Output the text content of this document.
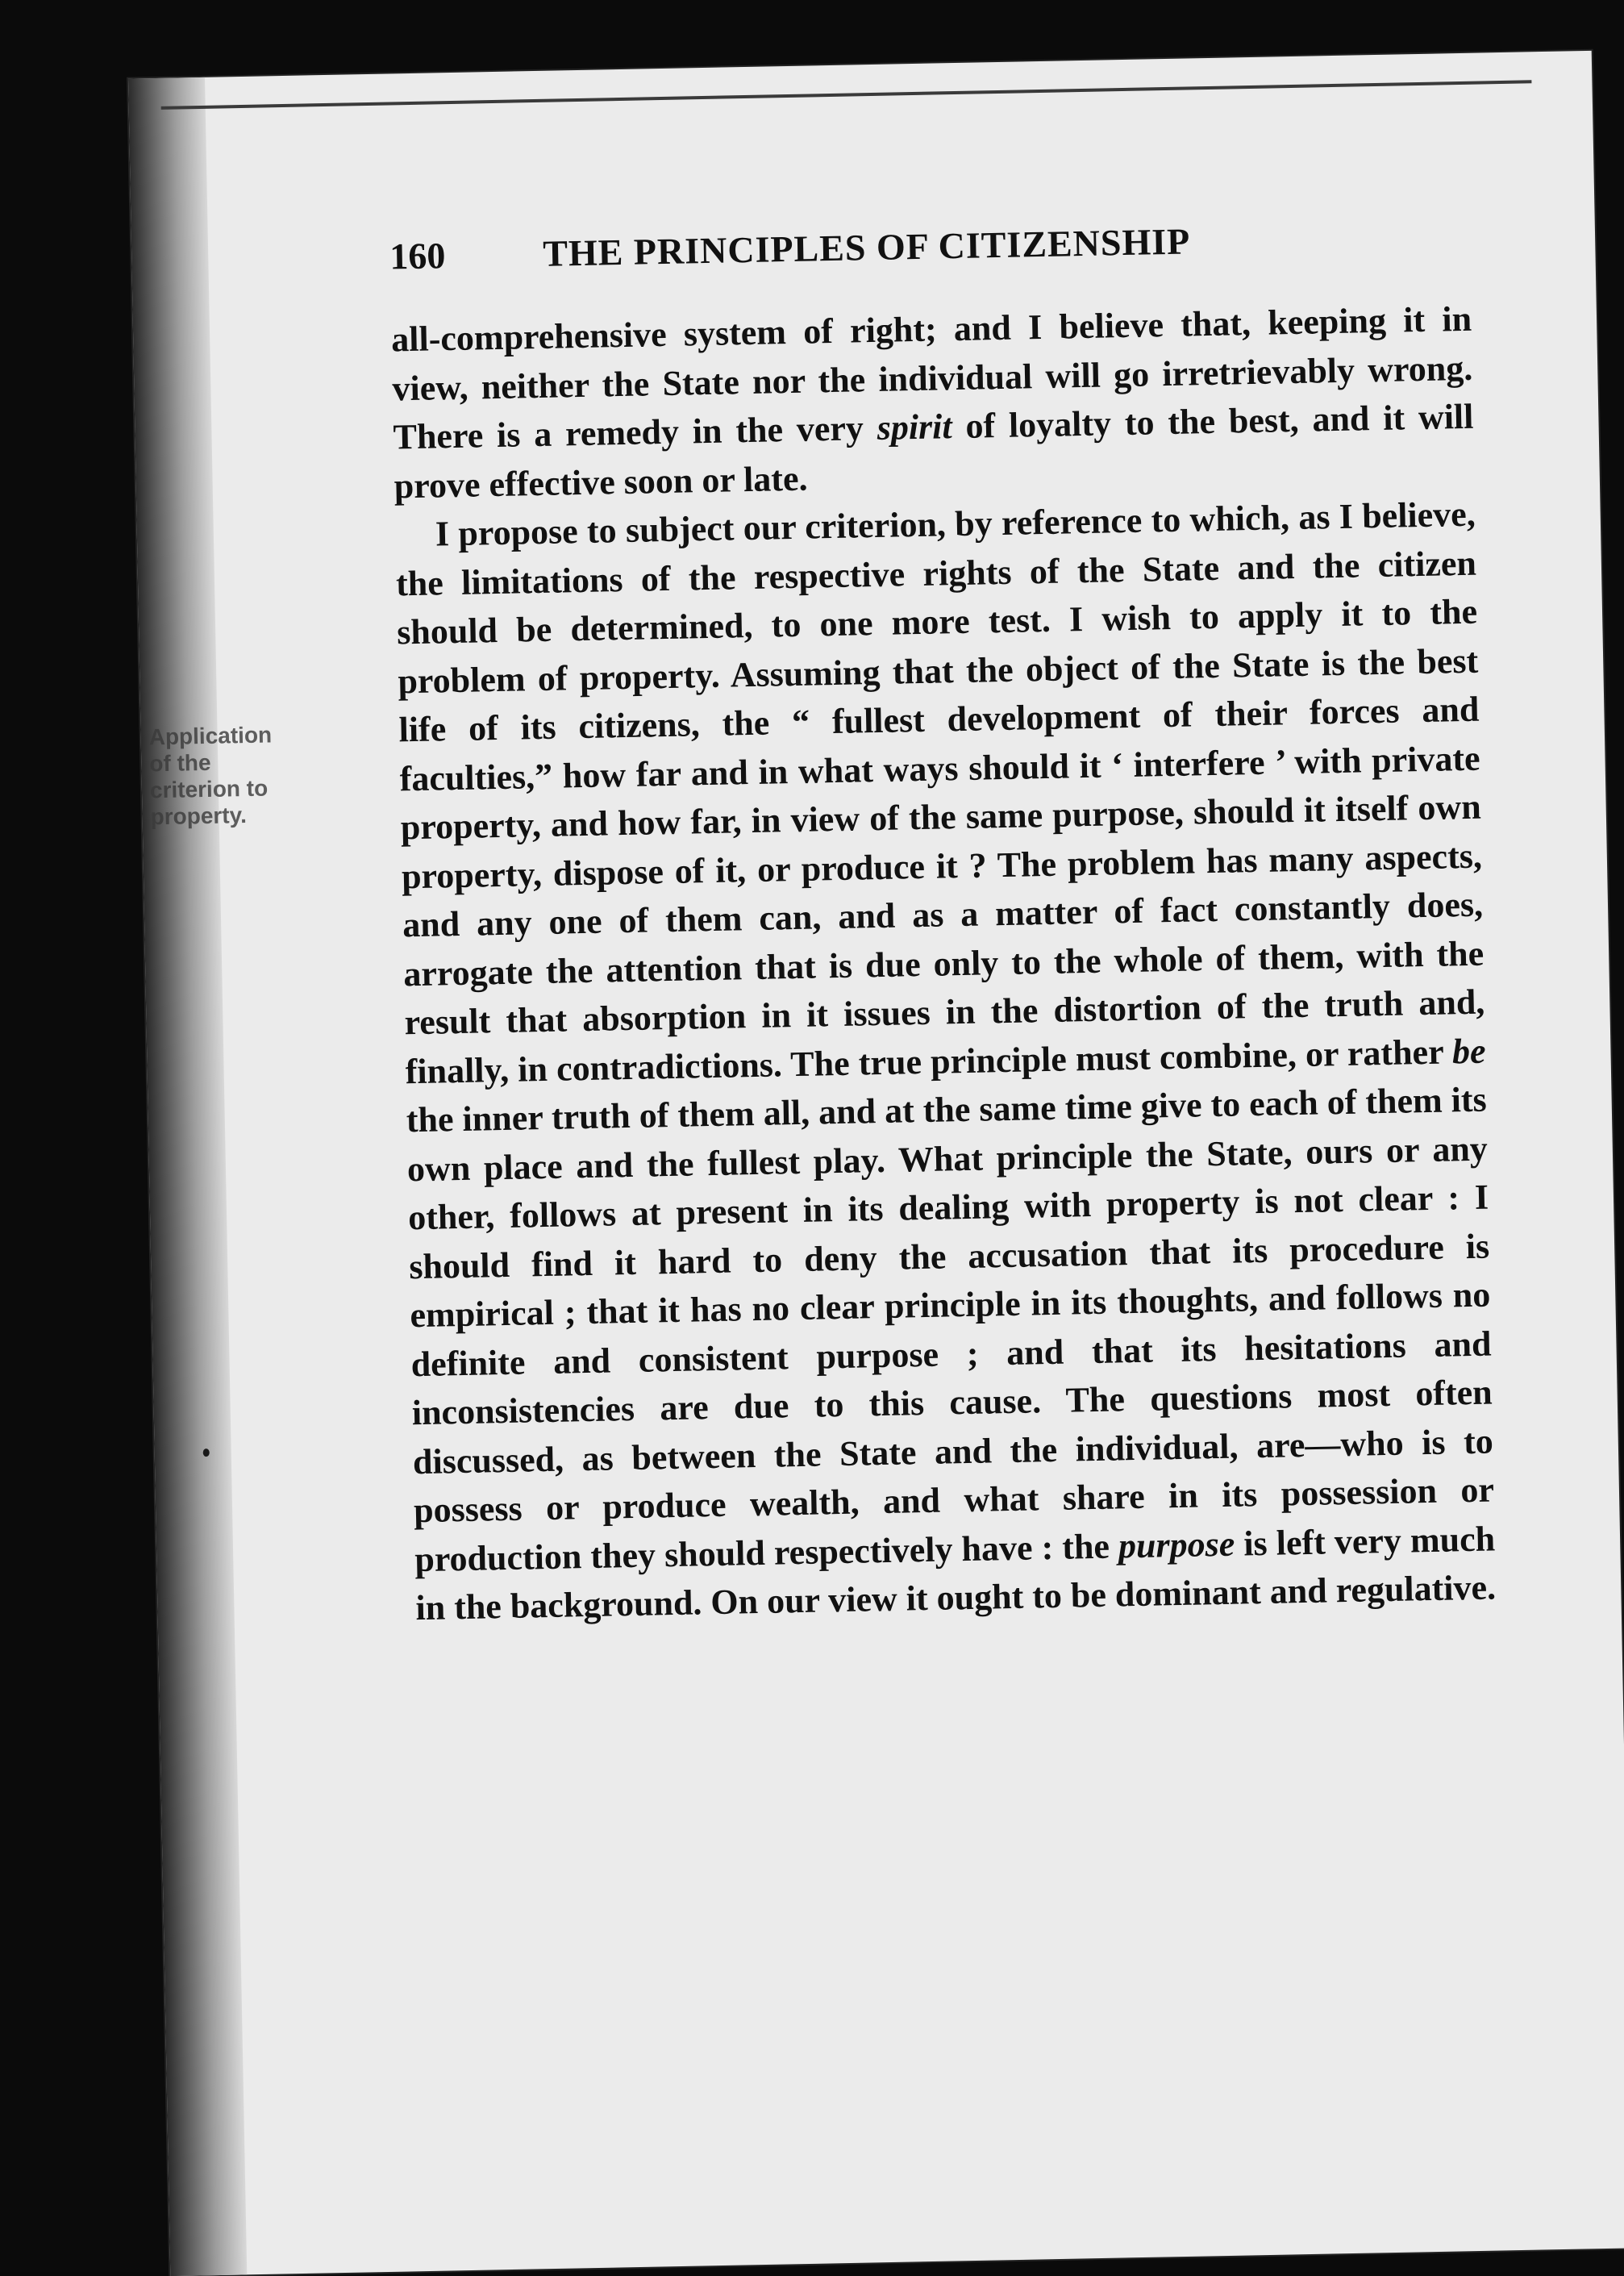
160	THE PRINCIPLES OF CITIZENSHIP

all-comprehensive system of right; and I believe that, keeping it in view, neither the State nor the individual will go irretrievably wrong. There is a remedy in the very spirit of loyalty to the best, and it will prove effective soon or late.

I propose to subject our criterion, by reference to which, as I believe, the limitations of the respective rights of the State and the citizen should be determined, to one more test. I wish to apply it to the problem of property. Assuming that the object of the State is the best life of its citizens, the “ fullest development of their forces and faculties,” how far and in what ways should it ‘ interfere ’ with private property, and how far, in view of the same purpose, should it itself own property, dispose of it, or produce it ? The problem has many aspects, and any one of them can, and as a matter of fact constantly does, arrogate the attention that is due only to the whole of them, with the result that absorption in it issues in the distortion of the truth and, finally, in contradictions. The true principle must combine, or rather be the inner truth of them all, and at the same time give to each of them its own place and the fullest play. What principle the State, ours or any other, follows at present in its dealing with property is not clear : I should find it hard to deny the accusation that its procedure is empirical ; that it has no clear principle in its thoughts, and follows no definite and consistent purpose ; and that its hesitations and inconsistencies are due to this cause. The questions most often discussed, as between the State and the individual, are—who is to possess or produce wealth, and what share in its possession or production they should respectively have : the purpose is left very much in the background. On our view it ought to be dominant and regulative.

Application
of the
criterion to
property.
